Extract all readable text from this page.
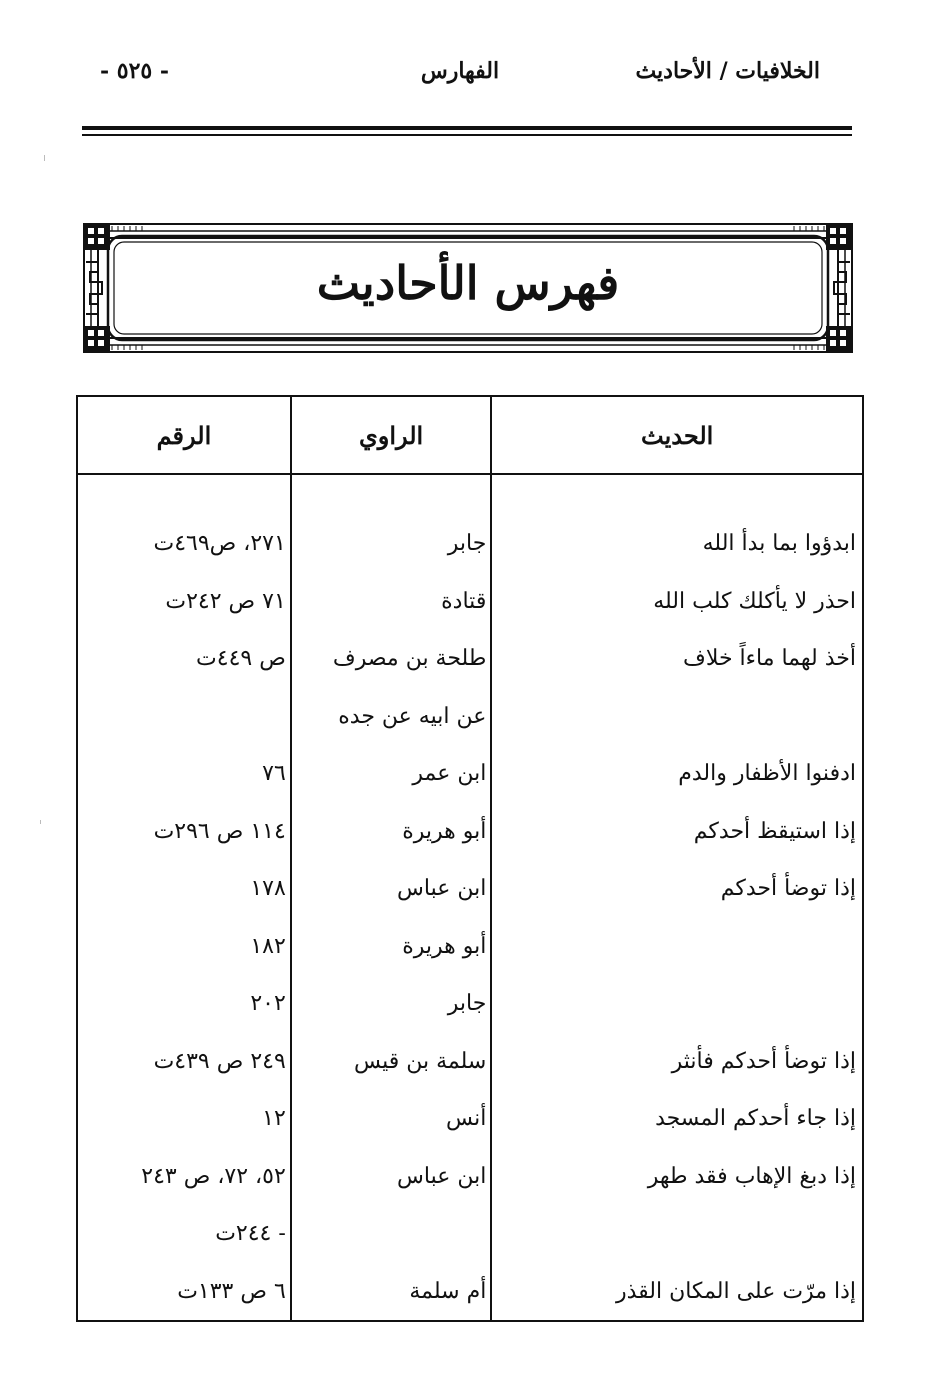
الخلافيات / الأحاديث
الفهارس
- ٥٢٥ -
فهرس الأحاديث
الحديث	الراوي	الرقم

ابدؤوا بما بدأ الله	جابر	٢٧١، ص٤٦٩ت
احذر لا يأكلك كلب الله	قتادة	٧١ ص ٢٤٢ت
أخذ لهما ماءاً خلاف	طلحة بن مصرف	ص ٤٤٩ت
	عن ابيه عن جده	
ادفنوا الأظفار والدم	ابن عمر	٧٦
إذا استيقظ أحدكم	أبو هريرة	١١٤ ص ٢٩٦ت
إذا توضأ أحدكم	ابن عباس	١٧٨
	أبو هريرة	١٨٢
	جابر	٢٠٢
إذا توضأ أحدكم فأنثر	سلمة بن قيس	٢٤٩ ص ٤٣٩ت
إذا جاء أحدكم المسجد	أنس	١٢
إذا دبغ الإهاب فقد طهر	ابن عباس	٥٢، ٧٢، ص ٢٤٣
		- ٢٤٤ت
إذا مرّت على المكان القذر	أم سلمة	٦ ص ١٣٣ت
